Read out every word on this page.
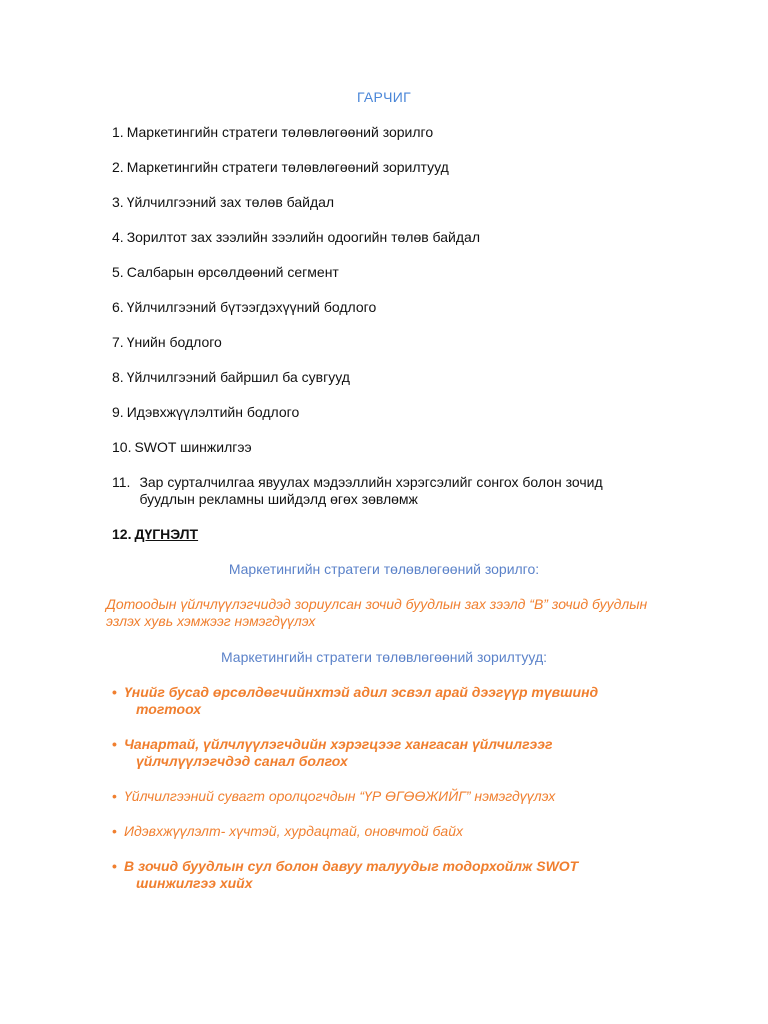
ГАРЧИГ
1. Маркетингийн стратеги төлөвлөгөөний зорилго
2. Маркетингийн стратеги төлөвлөгөөний зорилтууд
3. Үйлчилгээний зах төлөв байдал
4. Зорилтот зах зээлийн зээлийн одоогийн төлөв байдал
5. Салбарын өрсөлдөөний сегмент
6. Үйлчилгээний бүтээгдэхүүний бодлого
7. Үнийн бодлого
8. Үйлчилгээний байршил ба сувгууд
9. Идэвхжүүлэлтийн бодлого
10. SWOT шинжилгээ
11. Зар сурталчилгаа явуулах мэдээллийн хэрэгсэлийг сонгох болон зочид буудлын рекламны шийдэлд өгөх зөвлөмж
12. ДҮГНЭЛТ
Маркетингийн стратеги төлөвлөгөөний зорилго:
Дотоодын үйлчлүүлэгчидэд зориулсан зочид буудлын зах зээлд “В” зочид буудлын эзлэх хувь хэмжээг нэмэгдүүлэх
Маркетингийн стратеги төлөвлөгөөний зорилтууд:
• Үнийг бусад өрсөлдөгчийнхтэй адил эсвэл арай дээгүүр түвшинд
тогтоох
• Чанартай, үйлчлүүлэгчдийн хэрэгцээг хангасан үйлчилгээг
үйлчлүүлэгчдэд санал болгох
• Үйлчилгээний сувагт оролцогчдын “ҮР ӨГӨӨЖИЙГ” нэмэгдүүлэх
• Идэвхжүүлэлт- хүчтэй, хурдацтай, оновчтой байх
• В зочид буудлын сул болон давуу талуудыг тодорхойлж SWOT
шинжилгээ хийх
